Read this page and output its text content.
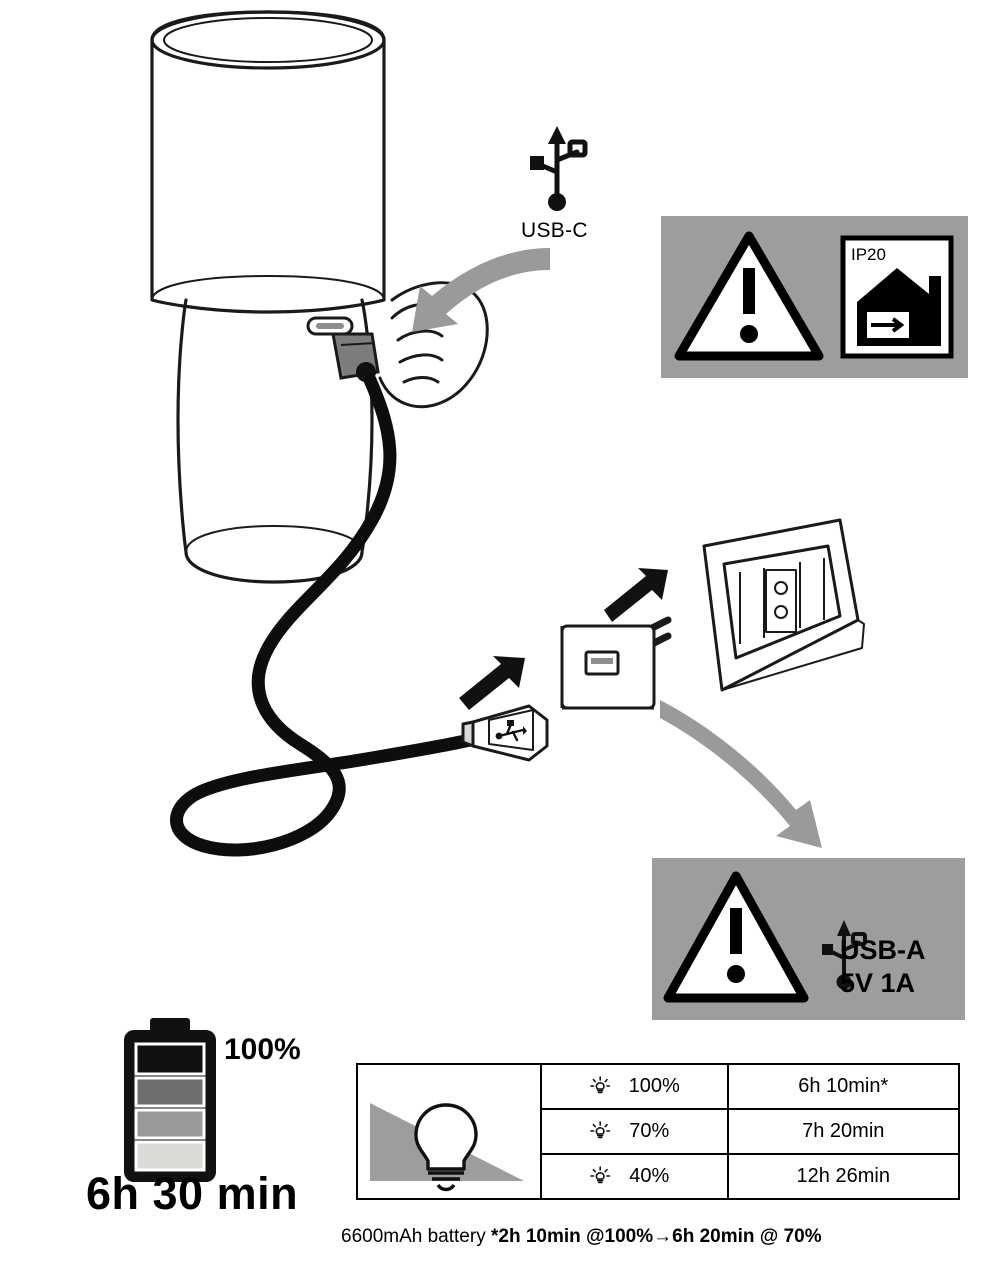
IP20
USB-C
USB-A
5V 1A
100%
6h 30 min

100%	6h 10min*

	70%	7h 20min

	40%	12h 26min
6600mAh battery *2h 10min @100%→6h 20min @ 70%
